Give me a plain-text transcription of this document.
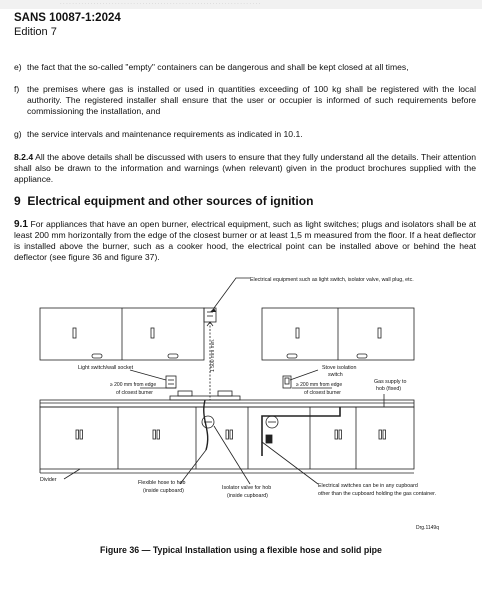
· · · · · · · · · · · · · · · · · · · · · · · · · · · · · · · · · · · · · · · · · · · · · · · · · · · · · · · · · · · · · · · · · ·
SANS 10087-1:2024
Edition 7
e) the fact that the so-called "empty" containers can be dangerous and shall be kept closed at all times,
f) the premises where gas is installed or used in quantities exceeding of 100 kg shall be registered with the local authority. The registered installer shall ensure that the user or occupier is informed of such requirements before commissioning the installation, and
g) the service intervals and maintenance requirements as indicated in 10.1.
8.2.4 All the above details shall be discussed with users to ensure that they fully understand all the details. Their attention shall also be drawn to the information and warnings (when relevant) given in the product brochures supplied with the appliance.
9 Electrical equipment and other sources of ignition
9.1 For appliances that have an open burner, electrical equipment, such as light switches; plugs and isolators shall be at least 200 mm horizontally from the edge of the closest burner or at least 1,5 m measured from the floor. If a heat deflector is installed above the burner, such as a cooker hood, the electrical point can be installed above or behind the heat deflector (see figure 36 and figure 37).
Electrical equipment such as light switch, isolator valve, wall plug, etc.
Light switch/wall socket
≥ 200 mm from edge
of closest burner
1 500 mm min.	Stove isolation
switch
≥ 200 mm from edge
of closest burner
Gas supply to
hob (fixed)
Divider	Flexible hose to hob
(inside cupboard)	Isolator valve for hob
(inside cupboard)
Electrical switches can be in any cupboard
other than the cupboard holding the gas container.
Drg.1149q
Figure 36 — Typical Installation using a flexible hose and solid pipe
